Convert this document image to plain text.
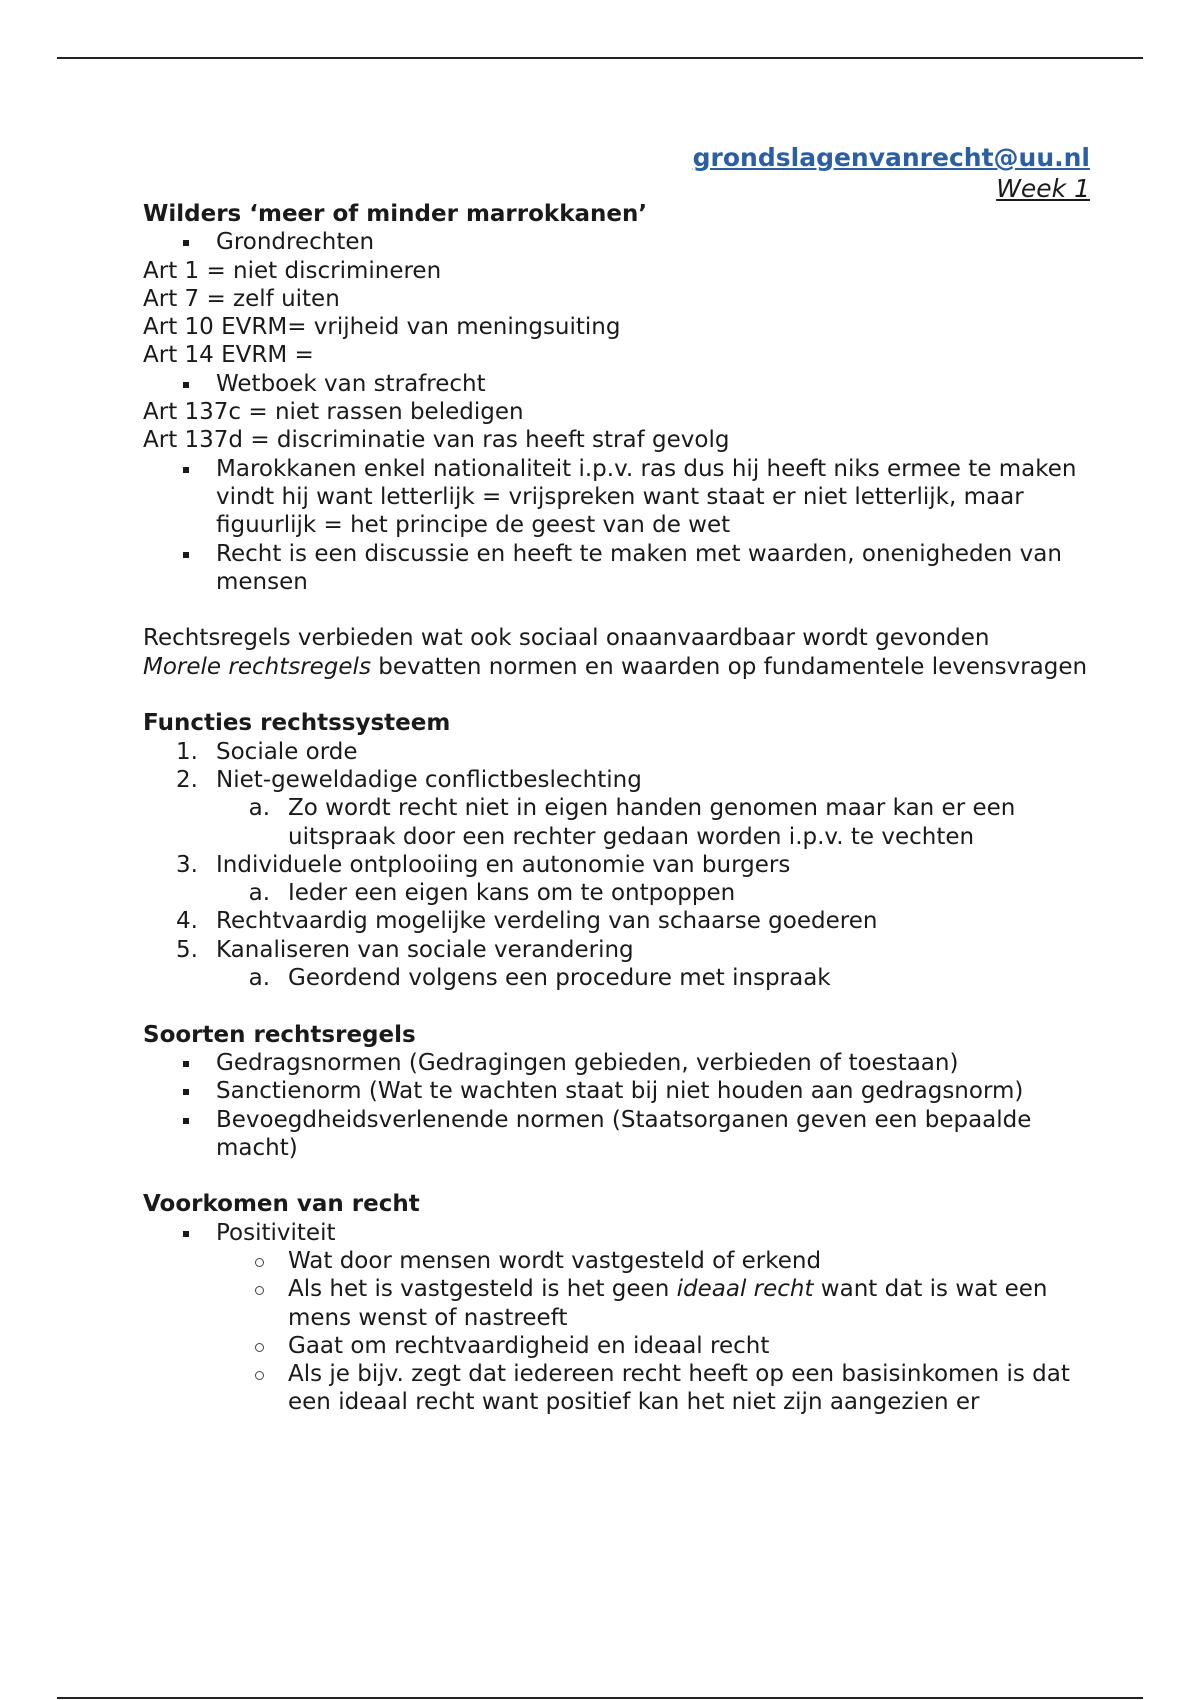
grondslagenvanrecht@uu.nl
Week 1
Wilders ‘meer of minder marrokkanen’
Grondrechten
Art 1 = niet discrimineren
Art 7 = zelf uiten
Art 10 EVRM= vrijheid van meningsuiting
Art 14 EVRM =
Wetboek van strafrecht
Art 137c = niet rassen beledigen
Art 137d = discriminatie van ras heeft straf gevolg
Marokkanen enkel nationaliteit i.p.v. ras dus hij heeft niks ermee te maken vindt hij want letterlijk = vrijspreken want staat er niet letterlijk, maar figuurlijk = het principe de geest van de wet
Recht is een discussie en heeft te maken met waarden, onenigheden van mensen
Rechtsregels verbieden wat ook sociaal onaanvaardbaar wordt gevonden
Morele rechtsregels bevatten normen en waarden op fundamentele levensvragen
Functies rechtssysteem
1. Sociale orde
2. Niet-geweldadige conflictbeslechting
a. Zo wordt recht niet in eigen handen genomen maar kan er een uitspraak door een rechter gedaan worden i.p.v. te vechten
3. Individuele ontplooiing en autonomie van burgers
a. Ieder een eigen kans om te ontpoppen
4. Rechtvaardig mogelijke verdeling van schaarse goederen
5. Kanaliseren van sociale verandering
a. Geordend volgens een procedure met inspraak
Soorten rechtsregels
Gedragsnormen (Gedragingen gebieden, verbieden of toestaan)
Sanctienorm (Wat te wachten staat bij niet houden aan gedragsnorm)
Bevoegdheidsverlenende normen (Staatsorganen geven een bepaalde macht)
Voorkomen van recht
Positiviteit
Wat door mensen wordt vastgesteld of erkend
Als het is vastgesteld is het geen ideaal recht want dat is wat een mens wenst of nastreeft
Gaat om rechtvaardigheid en ideaal recht
Als je bijv. zegt dat iedereen recht heeft op een basisinkomen is dat een ideaal recht want positief kan het niet zijn aangezien er
